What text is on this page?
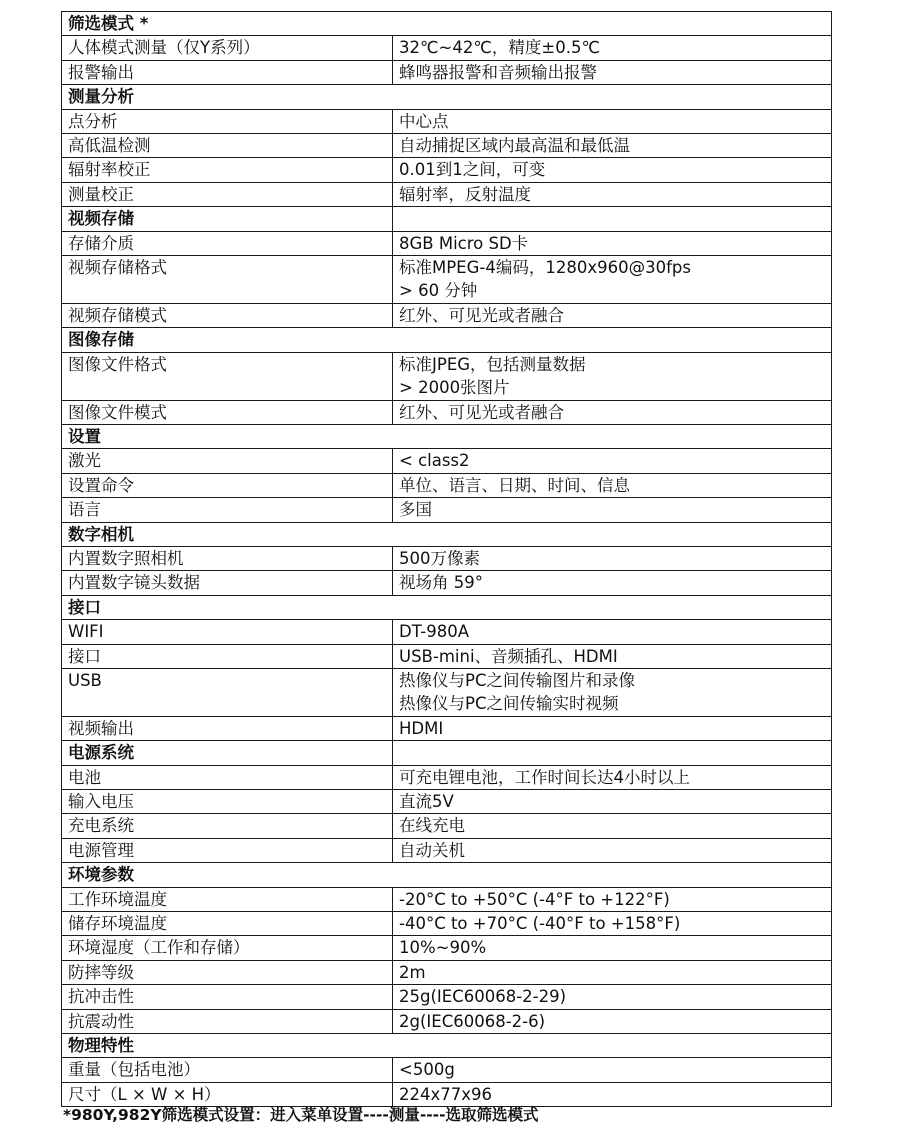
筛选模式 *	
人体模式测量（仅Y系列）	32℃~42℃，精度±0.5℃

报警输出	蜂鸣器报警和音频输出报警

测量分析	
点分析	中心点

高低温检测	自动捕捉区域内最高温和最低温

辐射率校正	0.01到1之间，可变

测量校正	辐射率，反射温度

视频存储	
存储介质	8GB Micro SD卡

视频存储格式	标准MPEG-4编码，1280x960@30fps
> 60 分钟

视频存储模式	红外、可见光或者融合

图像存储	
图像文件格式	标准JPEG，包括测量数据
> 2000张图片

图像文件模式	红外、可见光或者融合

设置	
激光	< class2

设置命令	单位、语言、日期、时间、信息

语言	多国

数字相机	
内置数字照相机	500万像素

内置数字镜头数据	视场角 59°

接口	
WIFI	DT-980A

接口	USB-mini、音频插孔、HDMI

USB	热像仪与PC之间传输图片和录像
热像仪与PC之间传输实时视频

视频输出	HDMI

电源系统	
电池	可充电锂电池，工作时间长达4小时以上

输入电压	直流5V

充电系统	在线充电

电源管理	自动关机

环境参数	
工作环境温度	-20°C to +50°C (-4°F to +122°F)

储存环境温度	-40°C to +70°C (-40°F to +158°F)

环境湿度（工作和存储）	10%~90%

防摔等级	2m

抗冲击性	25g(IEC60068-2-29)

抗震动性	2g(IEC60068-2-6)

物理特性	
重量（包括电池）	<500g

尺寸（L × W × H）	224x77x96
*980Y,982Y筛选模式设置：进入菜单设置----测量----选取筛选模式
